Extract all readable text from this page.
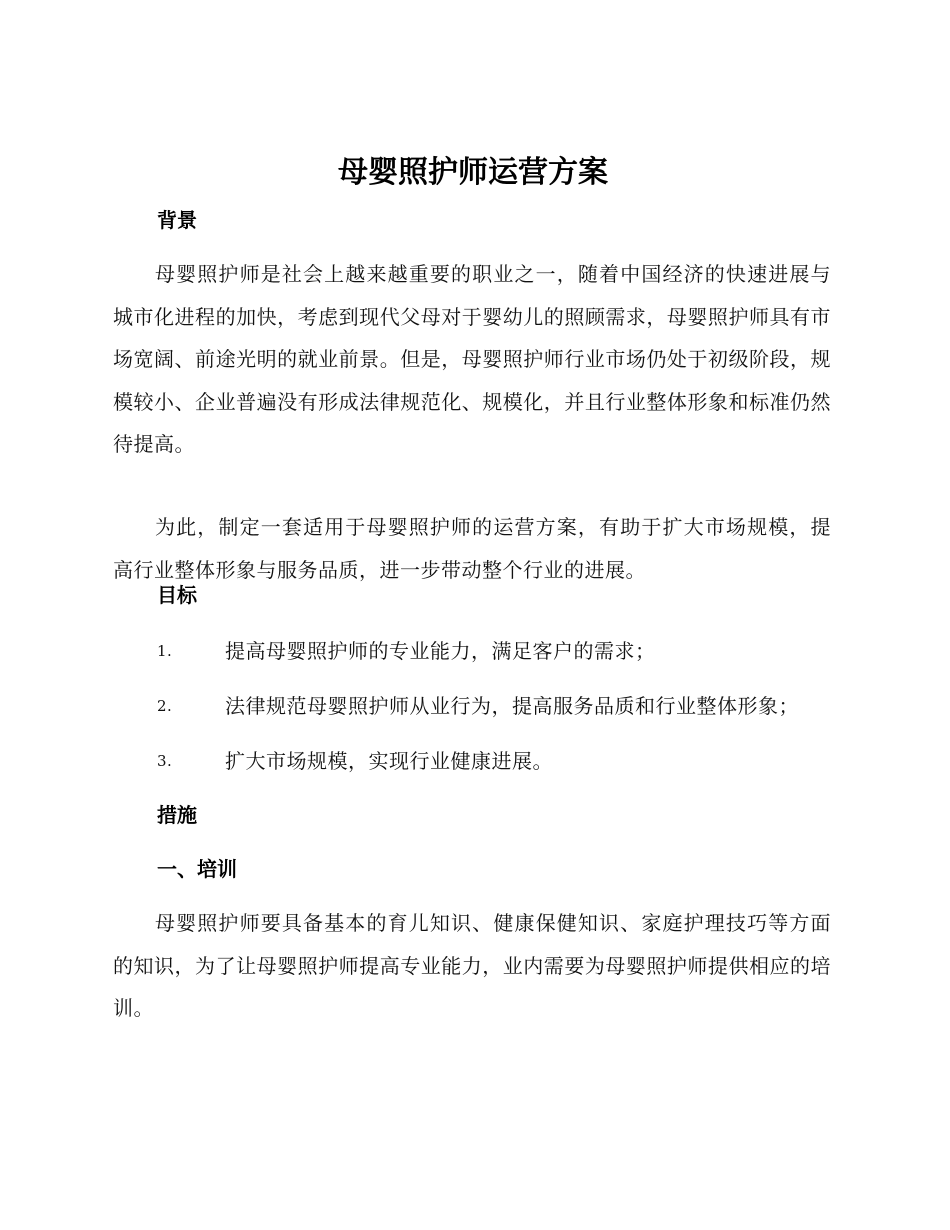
母婴照护师运营方案
背景

母婴照护师是社会上越来越重要的职业之一，随着中国经济的快速进展与城市化进程的加快，考虑到现代父母对于婴幼儿的照顾需求，母婴照护师具有市场宽阔、前途光明的就业前景。但是，母婴照护师行业市场仍处于初级阶段，规模较小、企业普遍没有形成法律规范化、规模化，并且行业整体形象和标准仍然待提高。

为此，制定一套适用于母婴照护师的运营方案，有助于扩大市场规模，提高行业整体形象与服务品质，进一步带动整个行业的进展。

目标
1.	提高母婴照护师的专业能力，满足客户的需求；
2.	法律规范母婴照护师从业行为，提高服务品质和行业整体形象；
3.	扩大市场规模，实现行业健康进展。
措施
一、培训

母婴照护师要具备基本的育儿知识、健康保健知识、家庭护理技巧等方面的知识，为了让母婴照护师提高专业能力，业内需要为母婴照护师提供相应的培训。
